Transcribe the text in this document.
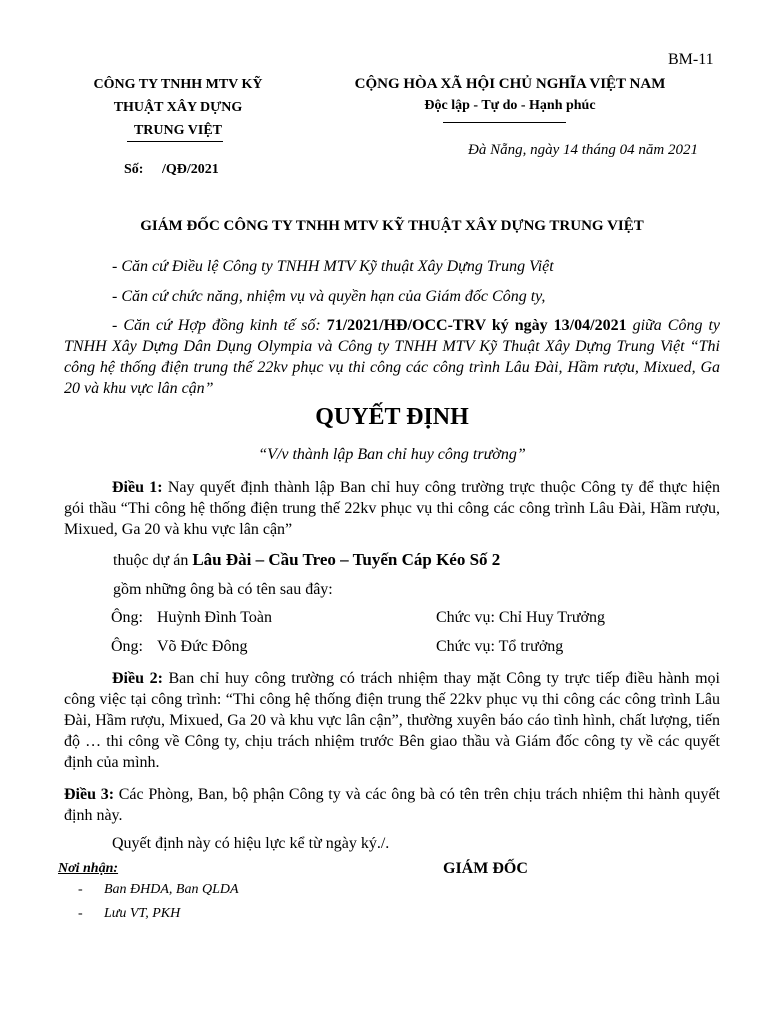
BM-11
CÔNG TY TNHH MTV KỸ
THUẬT XÂY DỰNG
TRUNG VIỆT
CỘNG HÒA XÃ HỘI CHỦ NGHĨA VIỆT NAM
Độc lập - Tự do - Hạnh phúc
Đà Nẵng, ngày 14 tháng 04 năm 2021
Số: /QĐ/2021
GIÁM ĐỐC CÔNG TY TNHH MTV KỸ THUẬT XÂY DỰNG TRUNG VIỆT
- Căn cứ Điều lệ Công ty TNHH MTV Kỹ thuật Xây Dựng Trung Việt
- Căn cứ chức năng, nhiệm vụ và quyền hạn của Giám đốc Công ty,
- Căn cứ Hợp đồng kinh tế số: 71/2021/HĐ/OCC-TRV ký ngày 13/04/2021 giữa Công ty TNHH Xây Dựng Dân Dụng Olympia và Công ty TNHH MTV Kỹ Thuật Xây Dựng Trung Việt “Thi công hệ thống điện trung thế 22kv phục vụ thi công các công trình Lâu Đài, Hầm rượu, Mixued, Ga 20 và khu vực lân cận”
QUYẾT ĐỊNH
“V/v thành lập Ban chỉ huy công trường”
Điều 1: Nay quyết định thành lập Ban chỉ huy công trường trực thuộc Công ty để thực hiện gói thầu “Thi công hệ thống điện trung thế 22kv phục vụ thi công các công trình Lâu Đài, Hầm rượu, Mixued, Ga 20 và khu vực lân cận”
thuộc dự án Lâu Đài – Cầu Treo – Tuyến Cáp Kéo Số 2
gồm những ông bà có tên sau đây:
Ông: Huỳnh Đình Toàn	Chức vụ: Chỉ Huy Trưởng
Ông: Võ Đức Đông	Chức vụ: Tổ trưởng
Điều 2: Ban chỉ huy công trường có trách nhiệm thay mặt Công ty trực tiếp điều hành mọi công việc tại công trình: “Thi công hệ thống điện trung thế 22kv phục vụ thi công các công trình Lâu Đài, Hầm rượu, Mixued, Ga 20 và khu vực lân cận”, thường xuyên báo cáo tình hình, chất lượng, tiến độ … thi công về Công ty, chịu trách nhiệm trước Bên giao thầu và Giám đốc công ty về các quyết định của mình.
Điều 3: Các Phòng, Ban, bộ phận Công ty và các ông bà có tên trên chịu trách nhiệm thi hành quyết định này.
Quyết định này có hiệu lực kể từ ngày ký./.
Nơi nhận:
- Ban ĐHDA, Ban QLDA
- Lưu VT, PKH
GIÁM ĐỐC
